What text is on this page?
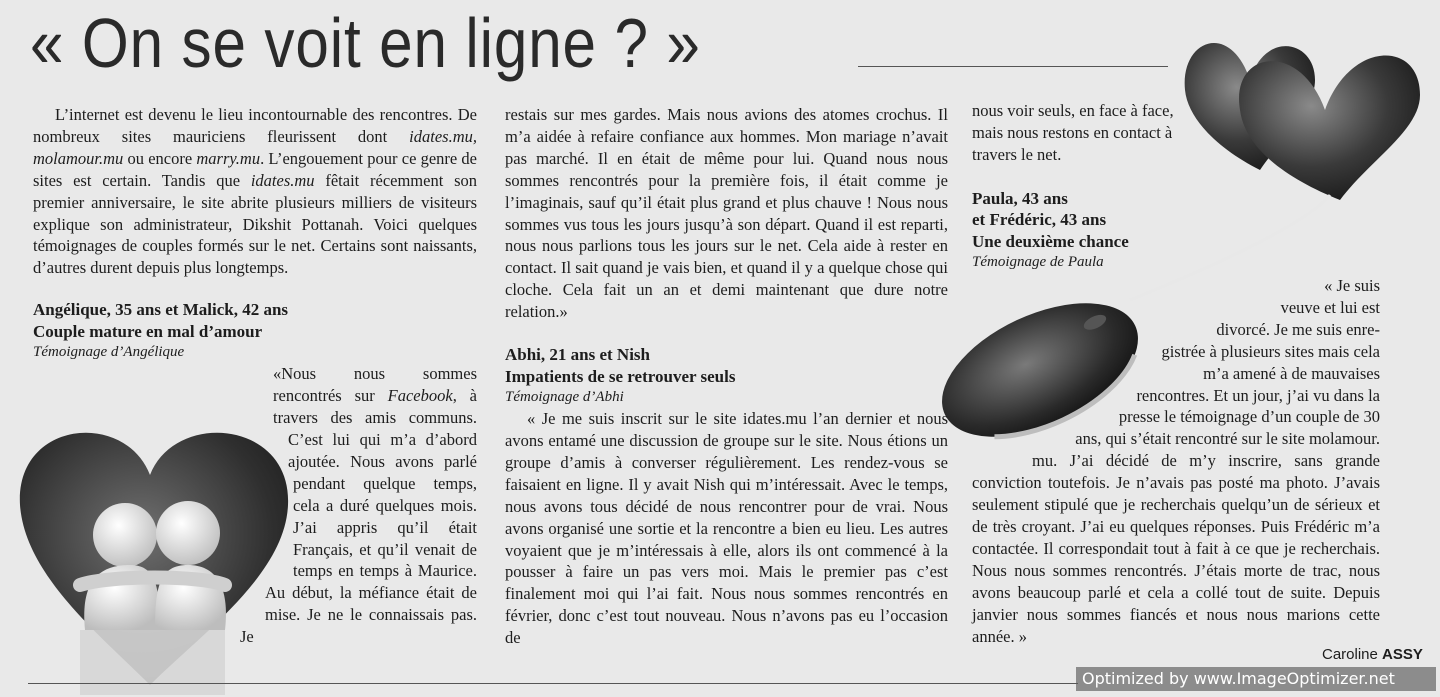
« On se voit en ligne ? »

L’internet est devenu le lieu incontournable des rencontres. De nombreux sites mauriciens fleurissent dont idates.mu, molamour.mu ou encore marry.mu. L’engouement pour ce genre de sites est certain. Tandis que idates.mu fêtait récemment son premier anniversaire, le site abrite plusieurs milliers de visiteurs explique son administrateur, Dikshit Pottanah. Voici quelques témoignages de couples formés sur le net. Certains sont naissants, d’autres durent depuis plus longtemps.

Angélique, 35 ans et Malick, 42 ans
Couple mature en mal d’amour

Témoignage d’Angélique

«Nous nous sommes rencontrés sur Facebook, à travers des amis communs. C’est lui qui m’a d’abord ajoutée. Nous avons parlé pendant quelque temps, cela a duré quelques mois. J’ai appris qu’il était Français, et qu’il venait de temps en temps à Maurice. Au début, la méfiance était de mise. Je ne le connaissais pas. Je

restais sur mes gardes. Mais nous avions des atomes crochus. Il m’a aidée à refaire confiance aux hommes. Mon mariage n’avait pas marché. Il en était de même pour lui. Quand nous nous sommes rencontrés pour la première fois, il était comme je l’imaginais, sauf qu’il était plus grand et plus chauve ! Nous nous sommes vus tous les jours jusqu’à son départ. Quand il est reparti, nous nous parlions tous les jours sur le net. Cela aide à rester en contact. Il sait quand je vais bien, et quand il y a quelque chose qui cloche. Cela fait un an et demi maintenant que dure notre relation.»

Abhi, 21 ans et Nish
Impatients de se retrouver seuls

Témoignage d’Abhi

« Je me suis inscrit sur le site idates.mu l’an dernier et nous avons entamé une discussion de groupe sur le site. Nous étions un groupe d’amis à converser régulièrement. Les rendez-vous se faisaient en ligne. Il y avait Nish qui m’intéressait. Avec le temps, nous avons tous décidé de nous rencontrer pour de vrai. Nous avons organisé une sortie et la rencontre a bien eu lieu. Les autres voyaient que je m’intéressais à elle, alors ils ont commencé à la pousser à faire un pas vers moi. Mais le premier pas c’est finalement moi qui l’ai fait. Nous nous sommes rencontrés en février, donc c’est tout nouveau. Nous n’avons pas eu l’occasion de

nous voir seuls, en face à face, mais nous restons en contact à travers le net.

Paula, 43 ans
et Frédéric, 43 ans
Une deuxième chance

Témoignage de Paula

« Je suis
veuve et lui est
divorcé. Je me suis enre-
gistrée à plusieurs sites mais cela
m’a amené à de mauvaises
rencontres. Et un jour, j’ai vu dans la
presse le témoignage d’un couple de 30
ans, qui s’était rencontré sur le site molamour.

mu. J’ai décidé de m’y inscrire, sans grande conviction toutefois. Je n’avais pas posté ma photo. J’avais seulement stipulé que je recherchais quelqu’un de sérieux et de très croyant. J’ai eu quelques réponses. Puis Frédéric m’a contactée. Il correspondait tout à fait à ce que je recherchais. Nous nous sommes rencontrés. J’étais morte de trac, nous avons beaucoup parlé et cela a collé tout de suite. Depuis janvier nous sommes fiancés et nous nous marions cette année. »

Caroline ASSY
Optimized by www.ImageOptimizer.net
